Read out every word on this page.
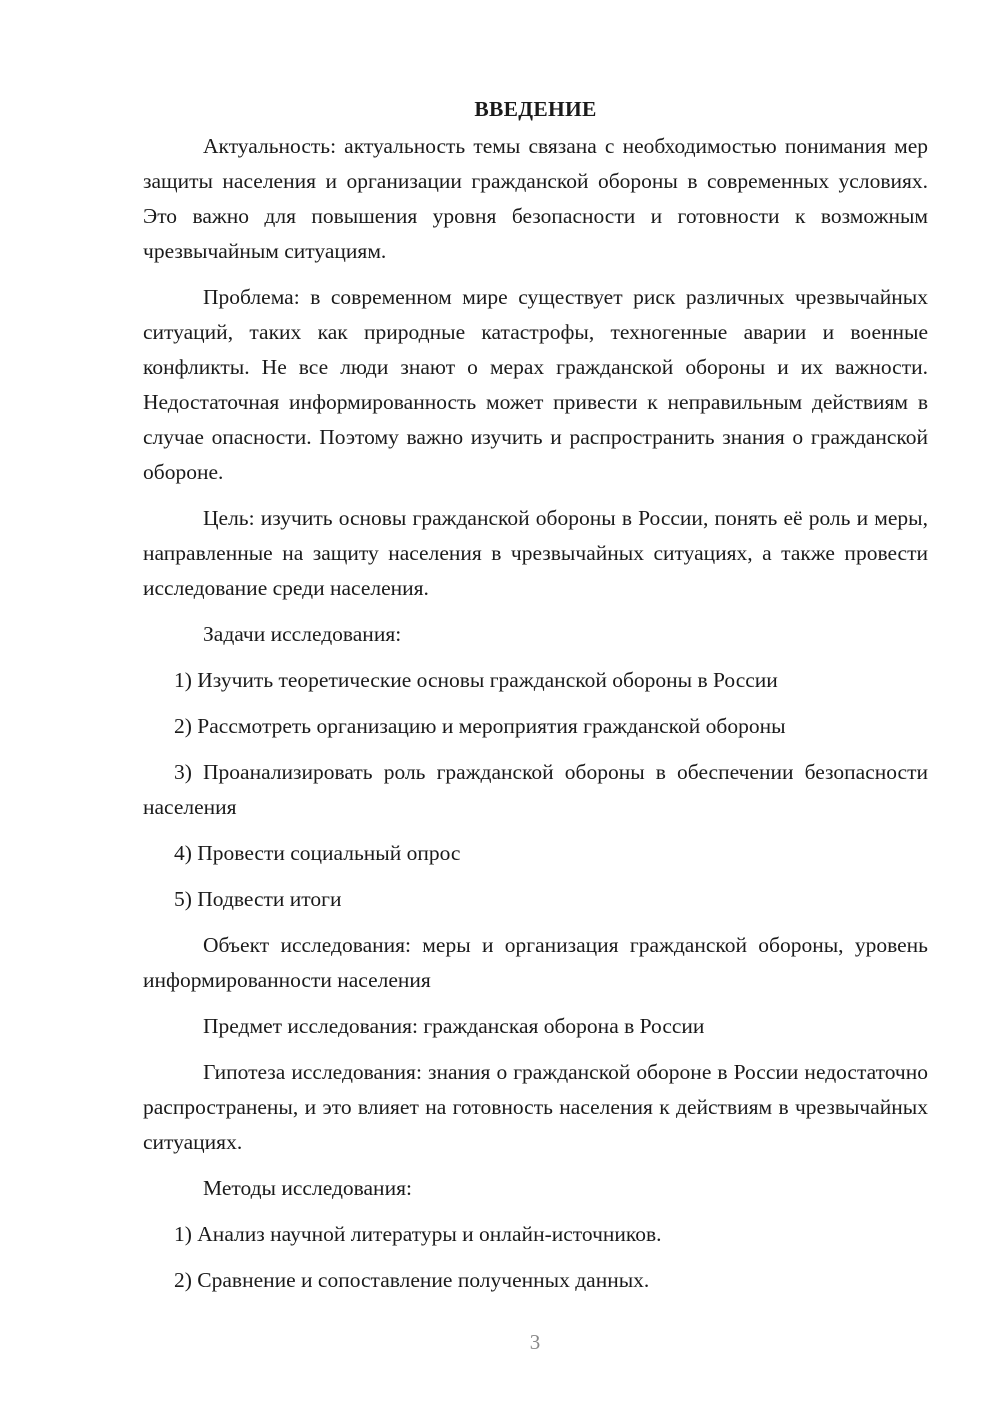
ВВЕДЕНИЕ

Актуальность: актуальность темы связана с необходимостью понимания мер защиты населения и организации гражданской обороны в современных условиях. Это важно для повышения уровня безопасности и готовности к возможным чрезвычайным ситуациям.

Проблема: в современном мире существует риск различных чрезвычайных ситуаций, таких как природные катастрофы, техногенные аварии и военные конфликты. Не все люди знают о мерах гражданской обороны и их важности. Недостаточная информированность может привести к неправильным действиям в случае опасности. Поэтому важно изучить и распространить знания о гражданской обороне.

Цель: изучить основы гражданской обороны в России, понять её роль и меры, направленные на защиту населения в чрезвычайных ситуациях, а также провести исследование среди населения.

Задачи исследования:

1) Изучить теоретические основы гражданской обороны в России

2) Рассмотреть организацию и мероприятия гражданской обороны

3) Проанализировать роль гражданской обороны в обеспечении безопасности населения

4) Провести социальный опрос

5) Подвести итоги

Объект исследования: меры и организация гражданской обороны, уровень информированности населения

Предмет исследования: гражданская оборона в России

Гипотеза исследования: знания о гражданской обороне в России недостаточно распространены, и это влияет на готовность населения к действиям в чрезвычайных ситуациях.

Методы исследования:

1) Анализ научной литературы и онлайн-источников.

2) Сравнение и сопоставление полученных данных.

3
